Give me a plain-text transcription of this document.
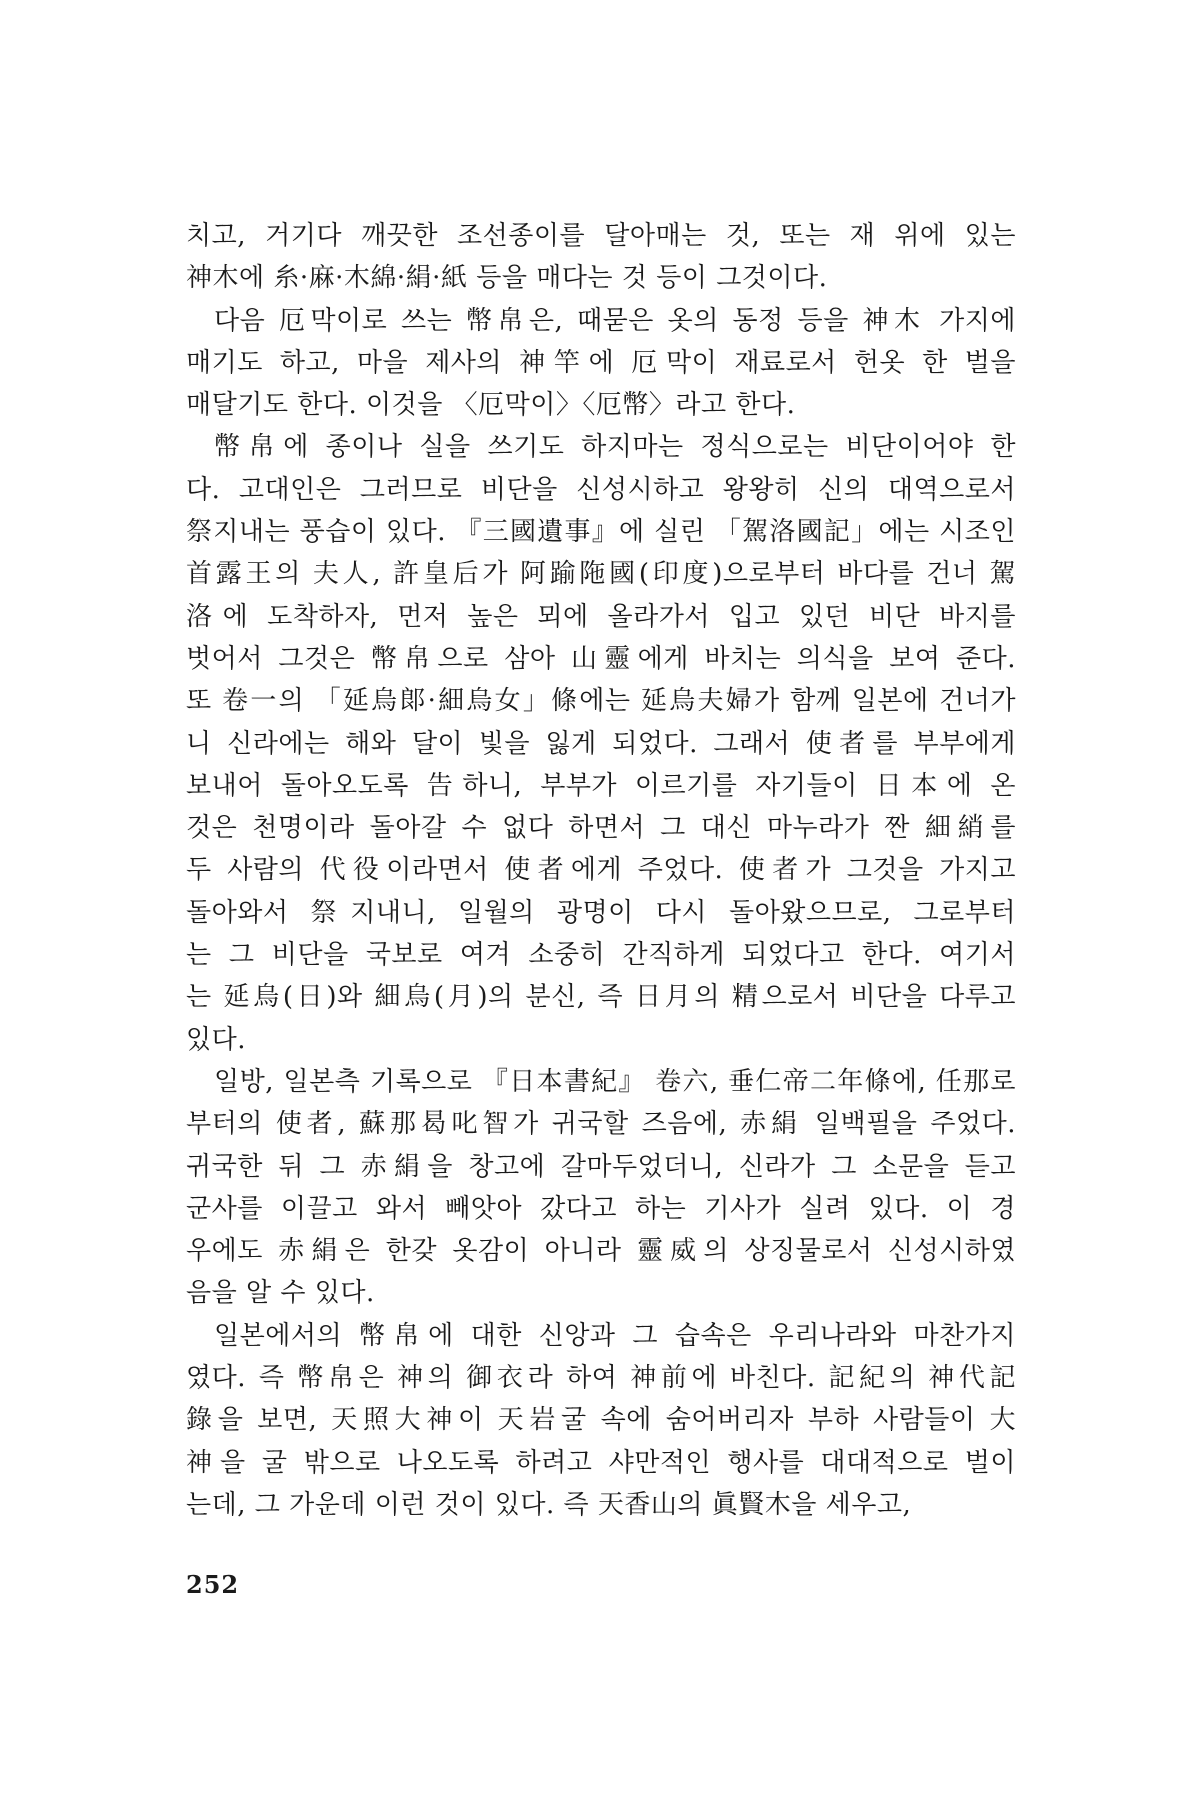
치고, 거기다 깨끗한 조선종이를 달아매는 것, 또는 재 위에 있는
神木에 糸·麻·木綿·絹·紙 등을 매다는 것 등이 그것이다.
다음 厄막이로 쓰는 幣帛은, 때묻은 옷의 동정 등을 神木 가지에
매기도 하고, 마을 제사의 神竿에 厄막이 재료로서 헌옷 한 벌을
매달기도 한다. 이것을 〈厄막이〉〈厄幣〉라고 한다.
幣帛에 종이나 실을 쓰기도 하지마는 정식으로는 비단이어야 한
다. 고대인은 그러므로 비단을 신성시하고 왕왕히 신의 대역으로서
祭지내는 풍습이 있다. 『三國遺事』에 실린 「駕洛國記」에는 시조인
首露王의 夫人, 許皇后가 阿踰陁國(印度)으로부터 바다를 건너 駕
洛에 도착하자, 먼저 높은 뫼에 올라가서 입고 있던 비단 바지를
벗어서 그것은 幣帛으로 삼아 山靈에게 바치는 의식을 보여 준다.
또 卷一의 「延烏郞·細烏女」條에는 延烏夫婦가 함께 일본에 건너가
니 신라에는 해와 달이 빛을 잃게 되었다. 그래서 使者를 부부에게
보내어 돌아오도록 告하니, 부부가 이르기를 자기들이 日本에 온
것은 천명이라 돌아갈 수 없다 하면서 그 대신 마누라가 짠 細綃를
두 사람의 代役이라면서 使者에게 주었다. 使者가 그것을 가지고
돌아와서 祭지내니, 일월의 광명이 다시 돌아왔으므로, 그로부터
는 그 비단을 국보로 여겨 소중히 간직하게 되었다고 한다. 여기서
는 延烏(日)와 細烏(月)의 분신, 즉 日月의 精으로서 비단을 다루고
있다.
일방, 일본측 기록으로 『日本書紀』 卷六, 垂仁帝二年條에, 任那로
부터의 使者, 蘇那曷叱智가 귀국할 즈음에, 赤絹 일백필을 주었다.
귀국한 뒤 그 赤絹을 창고에 갈마두었더니, 신라가 그 소문을 듣고
군사를 이끌고 와서 빼앗아 갔다고 하는 기사가 실려 있다. 이 경
우에도 赤絹은 한갖 옷감이 아니라 靈威의 상징물로서 신성시하였
음을 알 수 있다.
일본에서의 幣帛에 대한 신앙과 그 습속은 우리나라와 마찬가지
였다. 즉 幣帛은 神의 御衣라 하여 神前에 바친다. 記紀의 神代記
錄을 보면, 天照大神이 天岩굴 속에 숨어버리자 부하 사람들이 大
神을 굴 밖으로 나오도록 하려고 샤만적인 행사를 대대적으로 벌이
는데, 그 가운데 이런 것이 있다. 즉 天香山의 眞賢木을 세우고,
252
